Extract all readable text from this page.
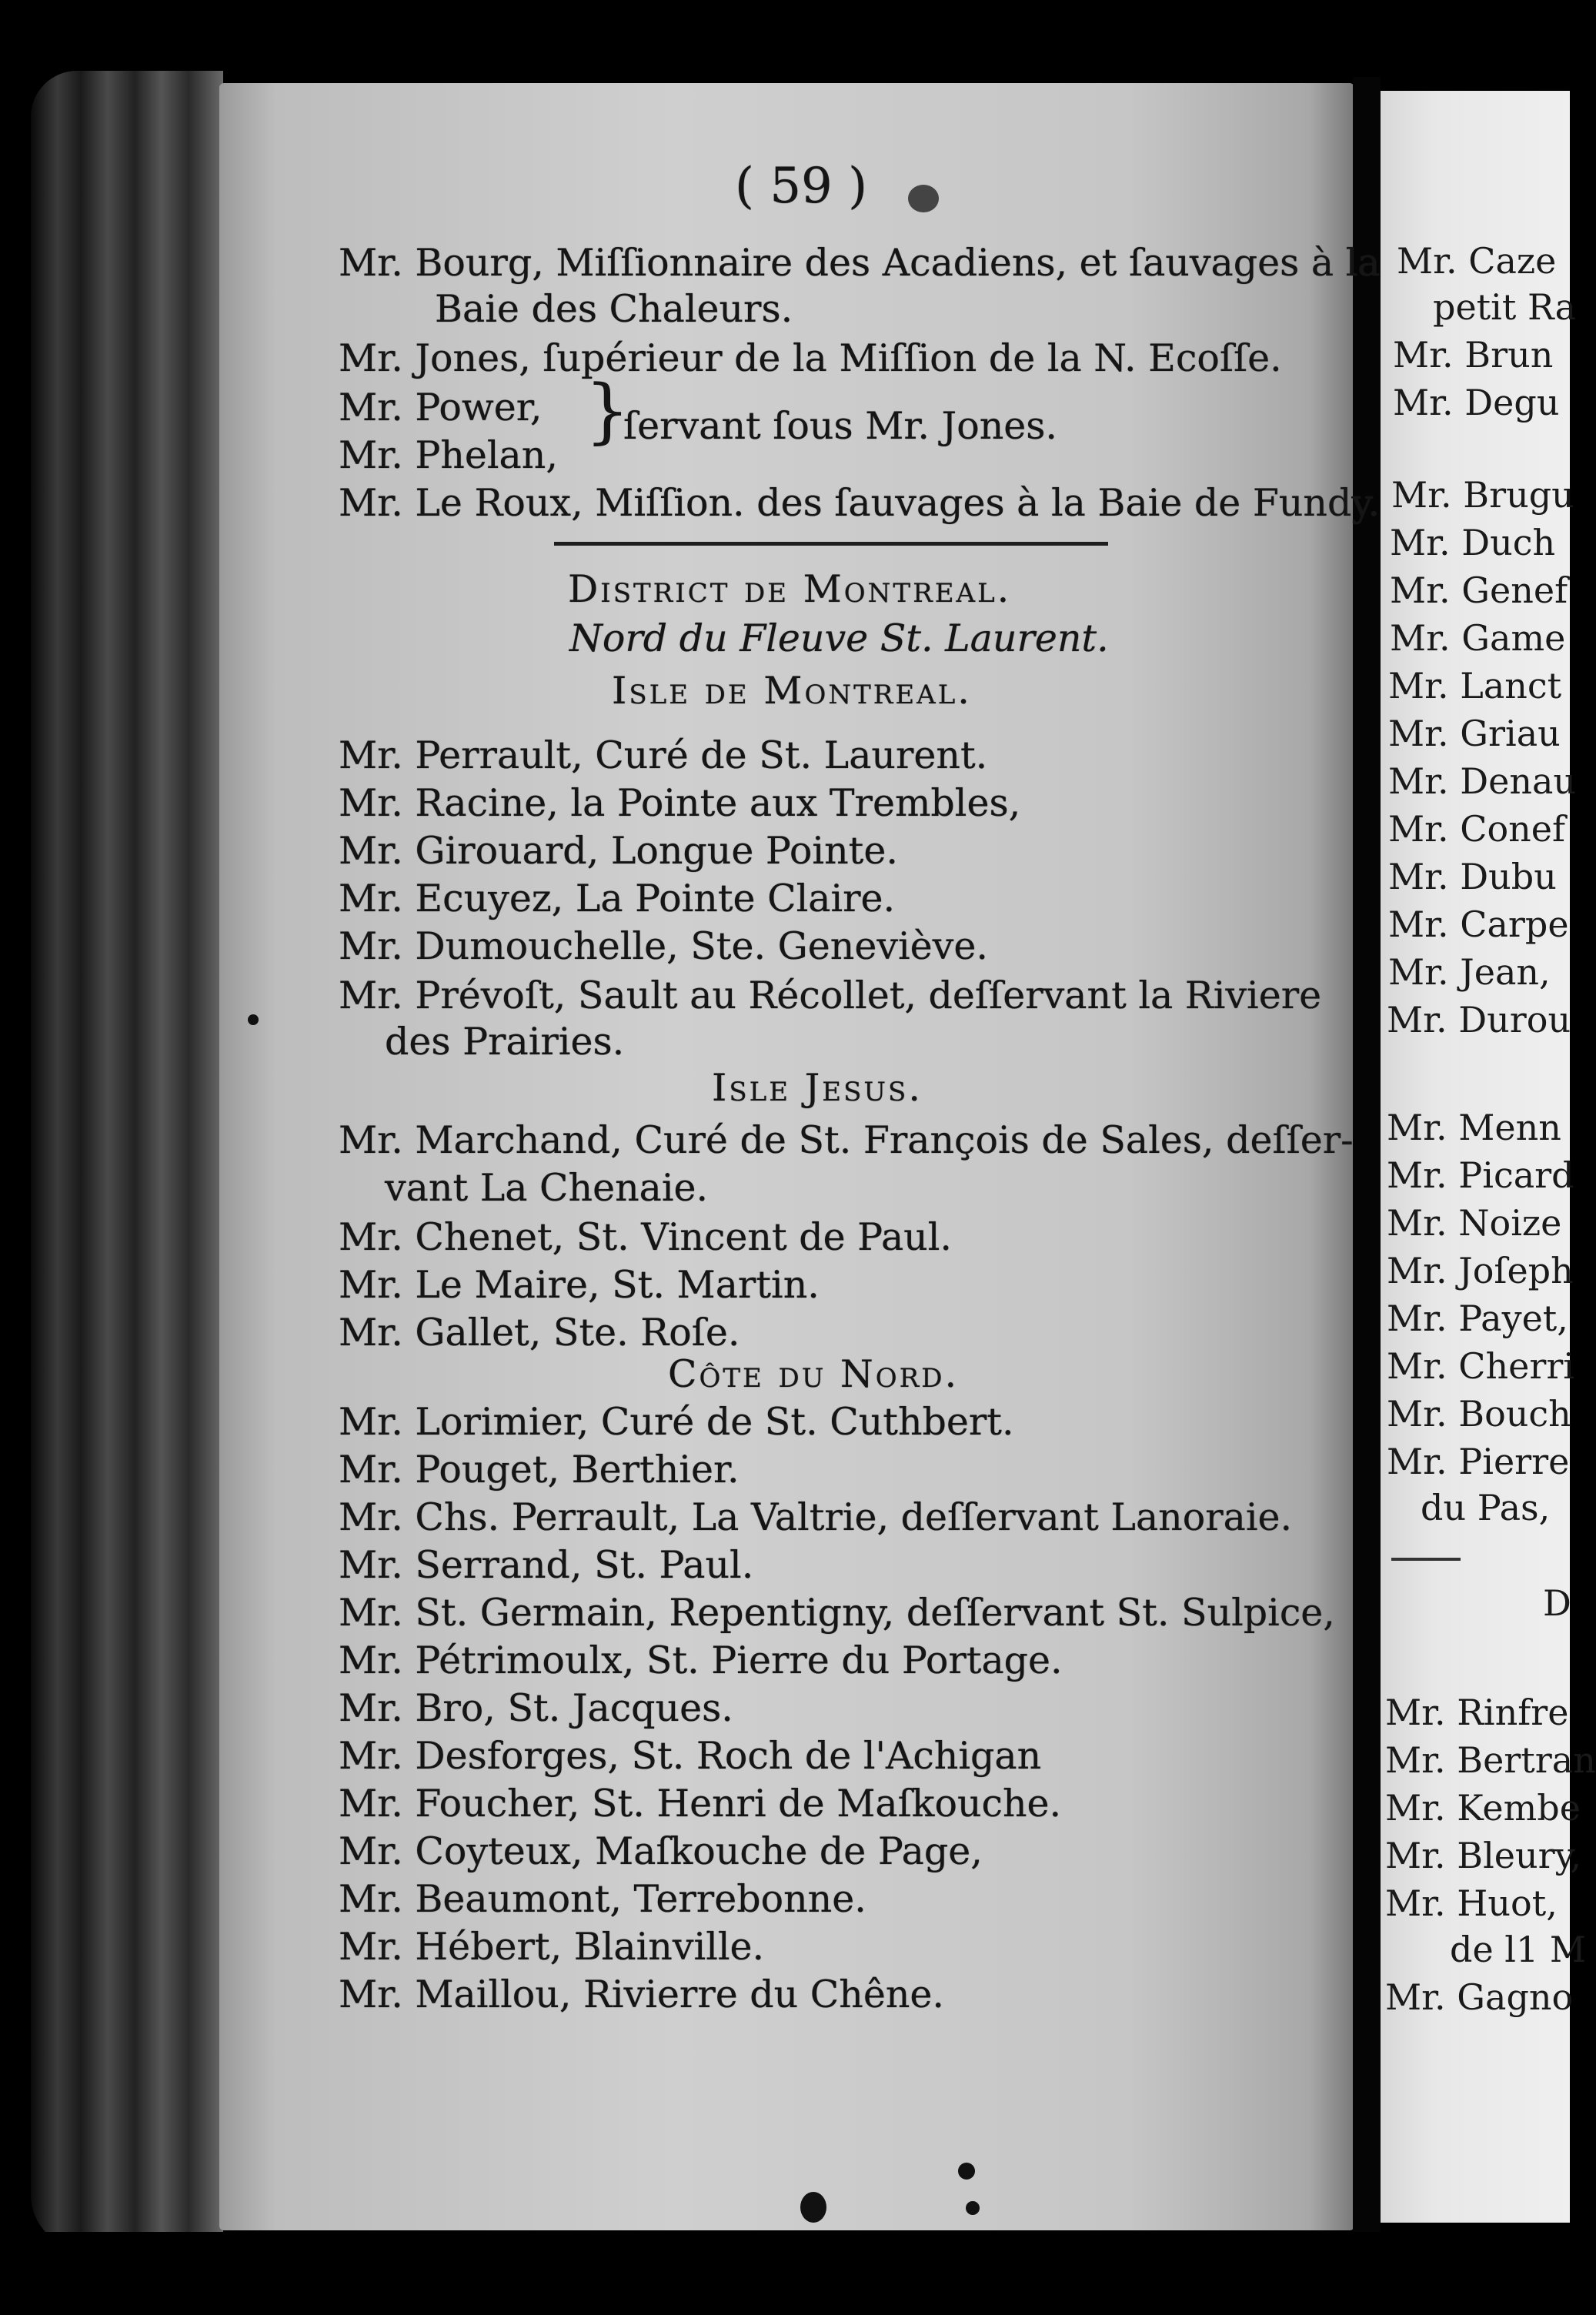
( 59 )
Mr. Bourg, Miſſionnaire des Acadiens, et ſauvages à la
Baie des Chaleurs.
Mr. Jones, ſupérieur de la Miſſion de la N. Ecoſſe.
Mr. Power,
Mr. Phelan,
}
ſervant ſous Mr. Jones.
Mr. Le Roux, Miſſion. des ſauvages à la Baie de Fundy.
District de Montreal.
Nord du Fleuve St. Laurent.
Isle de Montreal.
Mr. Perrault, Curé de St. Laurent.
Mr. Racine, la Pointe aux Trembles,
Mr. Girouard, Longue Pointe.
Mr. Ecuyez, La Pointe Claire.
Mr. Dumouchelle, Ste. Geneviève.
Mr. Prévoſt, Sault au Récollet, deſſervant la Riviere
des Prairies.
Isle Jesus.
Mr. Marchand, Curé de St. François de Sales, deſſer-
vant La Chenaie.
Mr. Chenet, St. Vincent de Paul.
Mr. Le Maire, St. Martin.
Mr. Gallet, Ste. Roſe.
Côte du Nord.
Mr. Lorimier, Curé de St. Cuthbert.
Mr. Pouget, Berthier.
Mr. Chs. Perrault, La Valtrie, deſſervant Lanoraie.
Mr. Serrand, St. Paul.
Mr. St. Germain, Repentigny, deſſervant St. Sulpice,
Mr. Pétrimoulx, St. Pierre du Portage.
Mr. Bro, St. Jacques.
Mr. Desforges, St. Roch de l'Achigan
Mr. Foucher, St. Henri de Maſkouche.
Mr. Coyteux, Maſkouche de Page,
Mr. Beaumont, Terrebonne.
Mr. Hébert, Blainville.
Mr. Maillou, Rivierre du Chêne.
Mr. Caze
petit Ra
Mr. Brun
Mr. Degu
Mr. Brugu
Mr. Duch
Mr. Genef
Mr. Game
Mr. Lanct
Mr. Griau
Mr. Denau
Mr. Conef
Mr. Dubu
Mr. Carpe
Mr. Jean,
Mr. Durou
Mr. Menn
Mr. Picard
Mr. Noize
Mr. Joſeph
Mr. Payet,
Mr. Cherri
Mr. Bouch
Mr. Pierre
du Pas,
D
Mr. Rinfre
Mr. Bertran
Mr. Kembe
Mr. Bleury,
Mr. Huot,
de l1 M
Mr. Gagno
